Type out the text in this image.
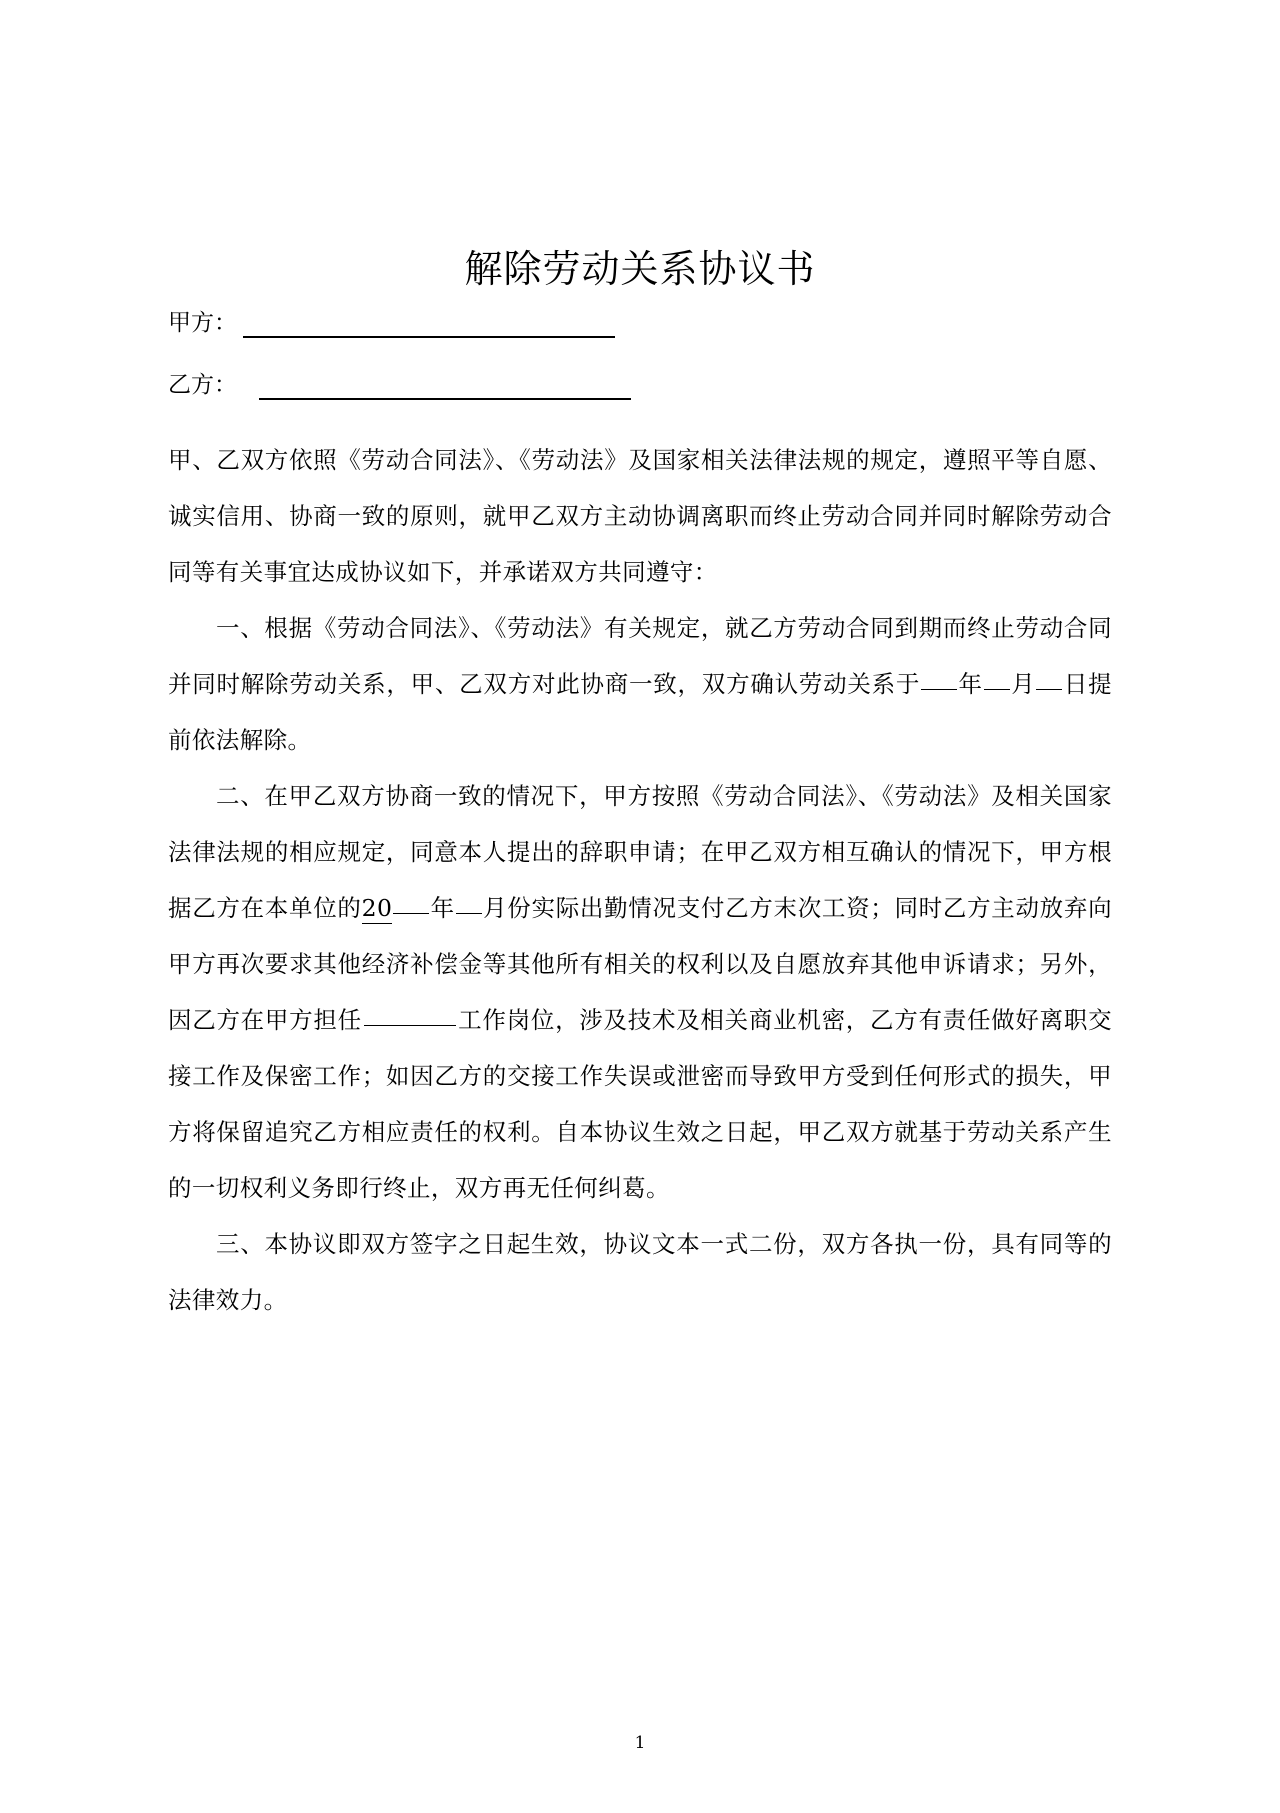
解除劳动关系协议书
甲方：
乙方：

甲、乙双方依照《劳动合同法》、《劳动法》及国家相关法律法规的规定，遵照平等自愿、诚实信用、协商一致的原则，就甲乙双方主动协调离职而终止劳动合同并同时解除劳动合同等有关事宜达成协议如下，并承诺双方共同遵守：

一、根据《劳动合同法》、《劳动法》有关规定，就乙方劳动合同到期而终止劳动合同并同时解除劳动关系，甲、乙双方对此协商一致，双方确认劳动关系于 年 月 日提前依法解除。

二、在甲乙双方协商一致的情况下，甲方按照《劳动合同法》、《劳动法》及相关国家法律法规的相应规定，同意本人提出的辞职申请；在甲乙双方相互确认的情况下，甲方根据乙方在本单位的20 年 月份实际出勤情况支付乙方末次工资；同时乙方主动放弃向甲方再次要求其他经济补偿金等其他所有相关的权利以及自愿放弃其他申诉请求；另外，因乙方在甲方担任	工作岗位，涉及技术及相关商业机密，乙方有责任做好离职交接工作及保密工作；如因乙方的交接工作失误或泄密而导致甲方受到任何形式的损失，甲方将保留追究乙方相应责任的权利。自本协议生效之日起，甲乙双方就基于劳动关系产生的一切权利义务即行终止，双方再无任何纠葛。

三、本协议即双方签字之日起生效，协议文本一式二份，双方各执一份，具有同等的法律效力。

1
